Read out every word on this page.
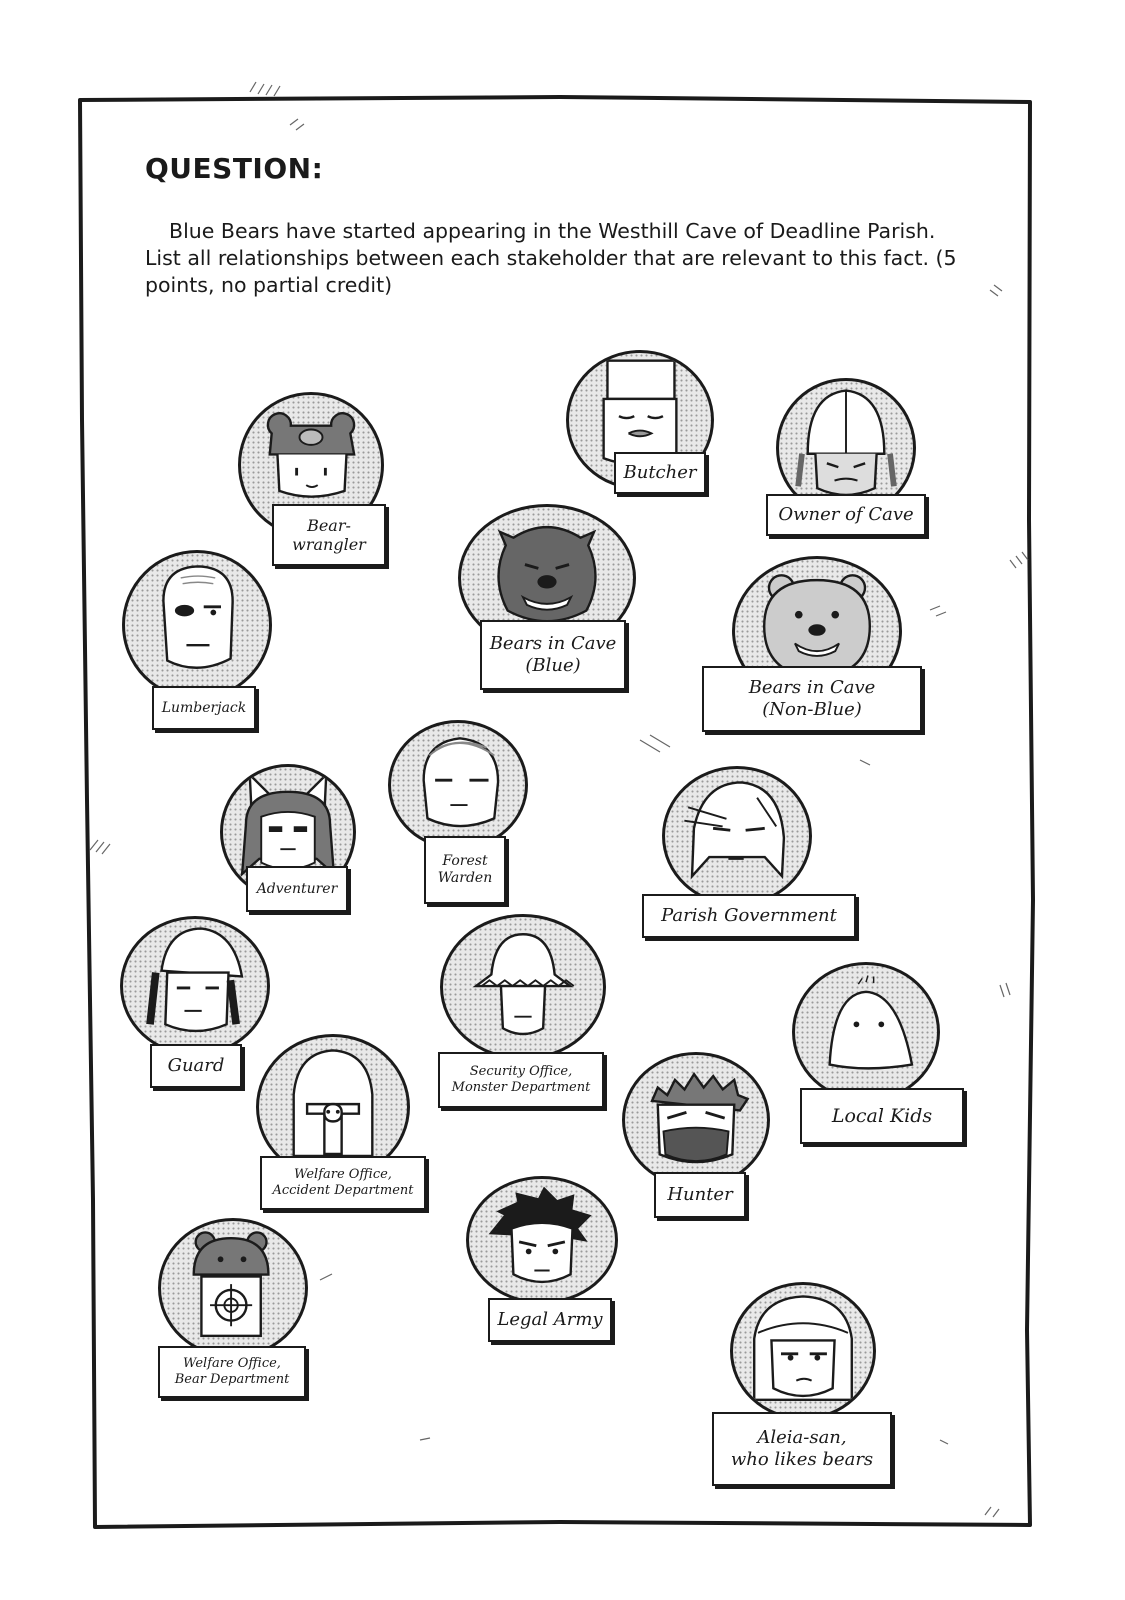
QUESTION:
Blue Bears have started appearing in the Westhill Cave of Deadline Parish. List all relationships between each stakeholder that are relevant to this fact. (5 points, no partial credit)
Bear-
wrangler
Butcher
Owner of Cave
Bears in Cave
(Blue)
Bears in Cave
(Non-Blue)
Lumberjack
Adventurer
Forest
Warden
Parish Government
Guard	Security Office,
Monster Department
Local Kids
Welfare Office,
Accident Department	Hunter
Legal Army
Welfare Office,
Bear Department
Aleia-san,
who likes bears
